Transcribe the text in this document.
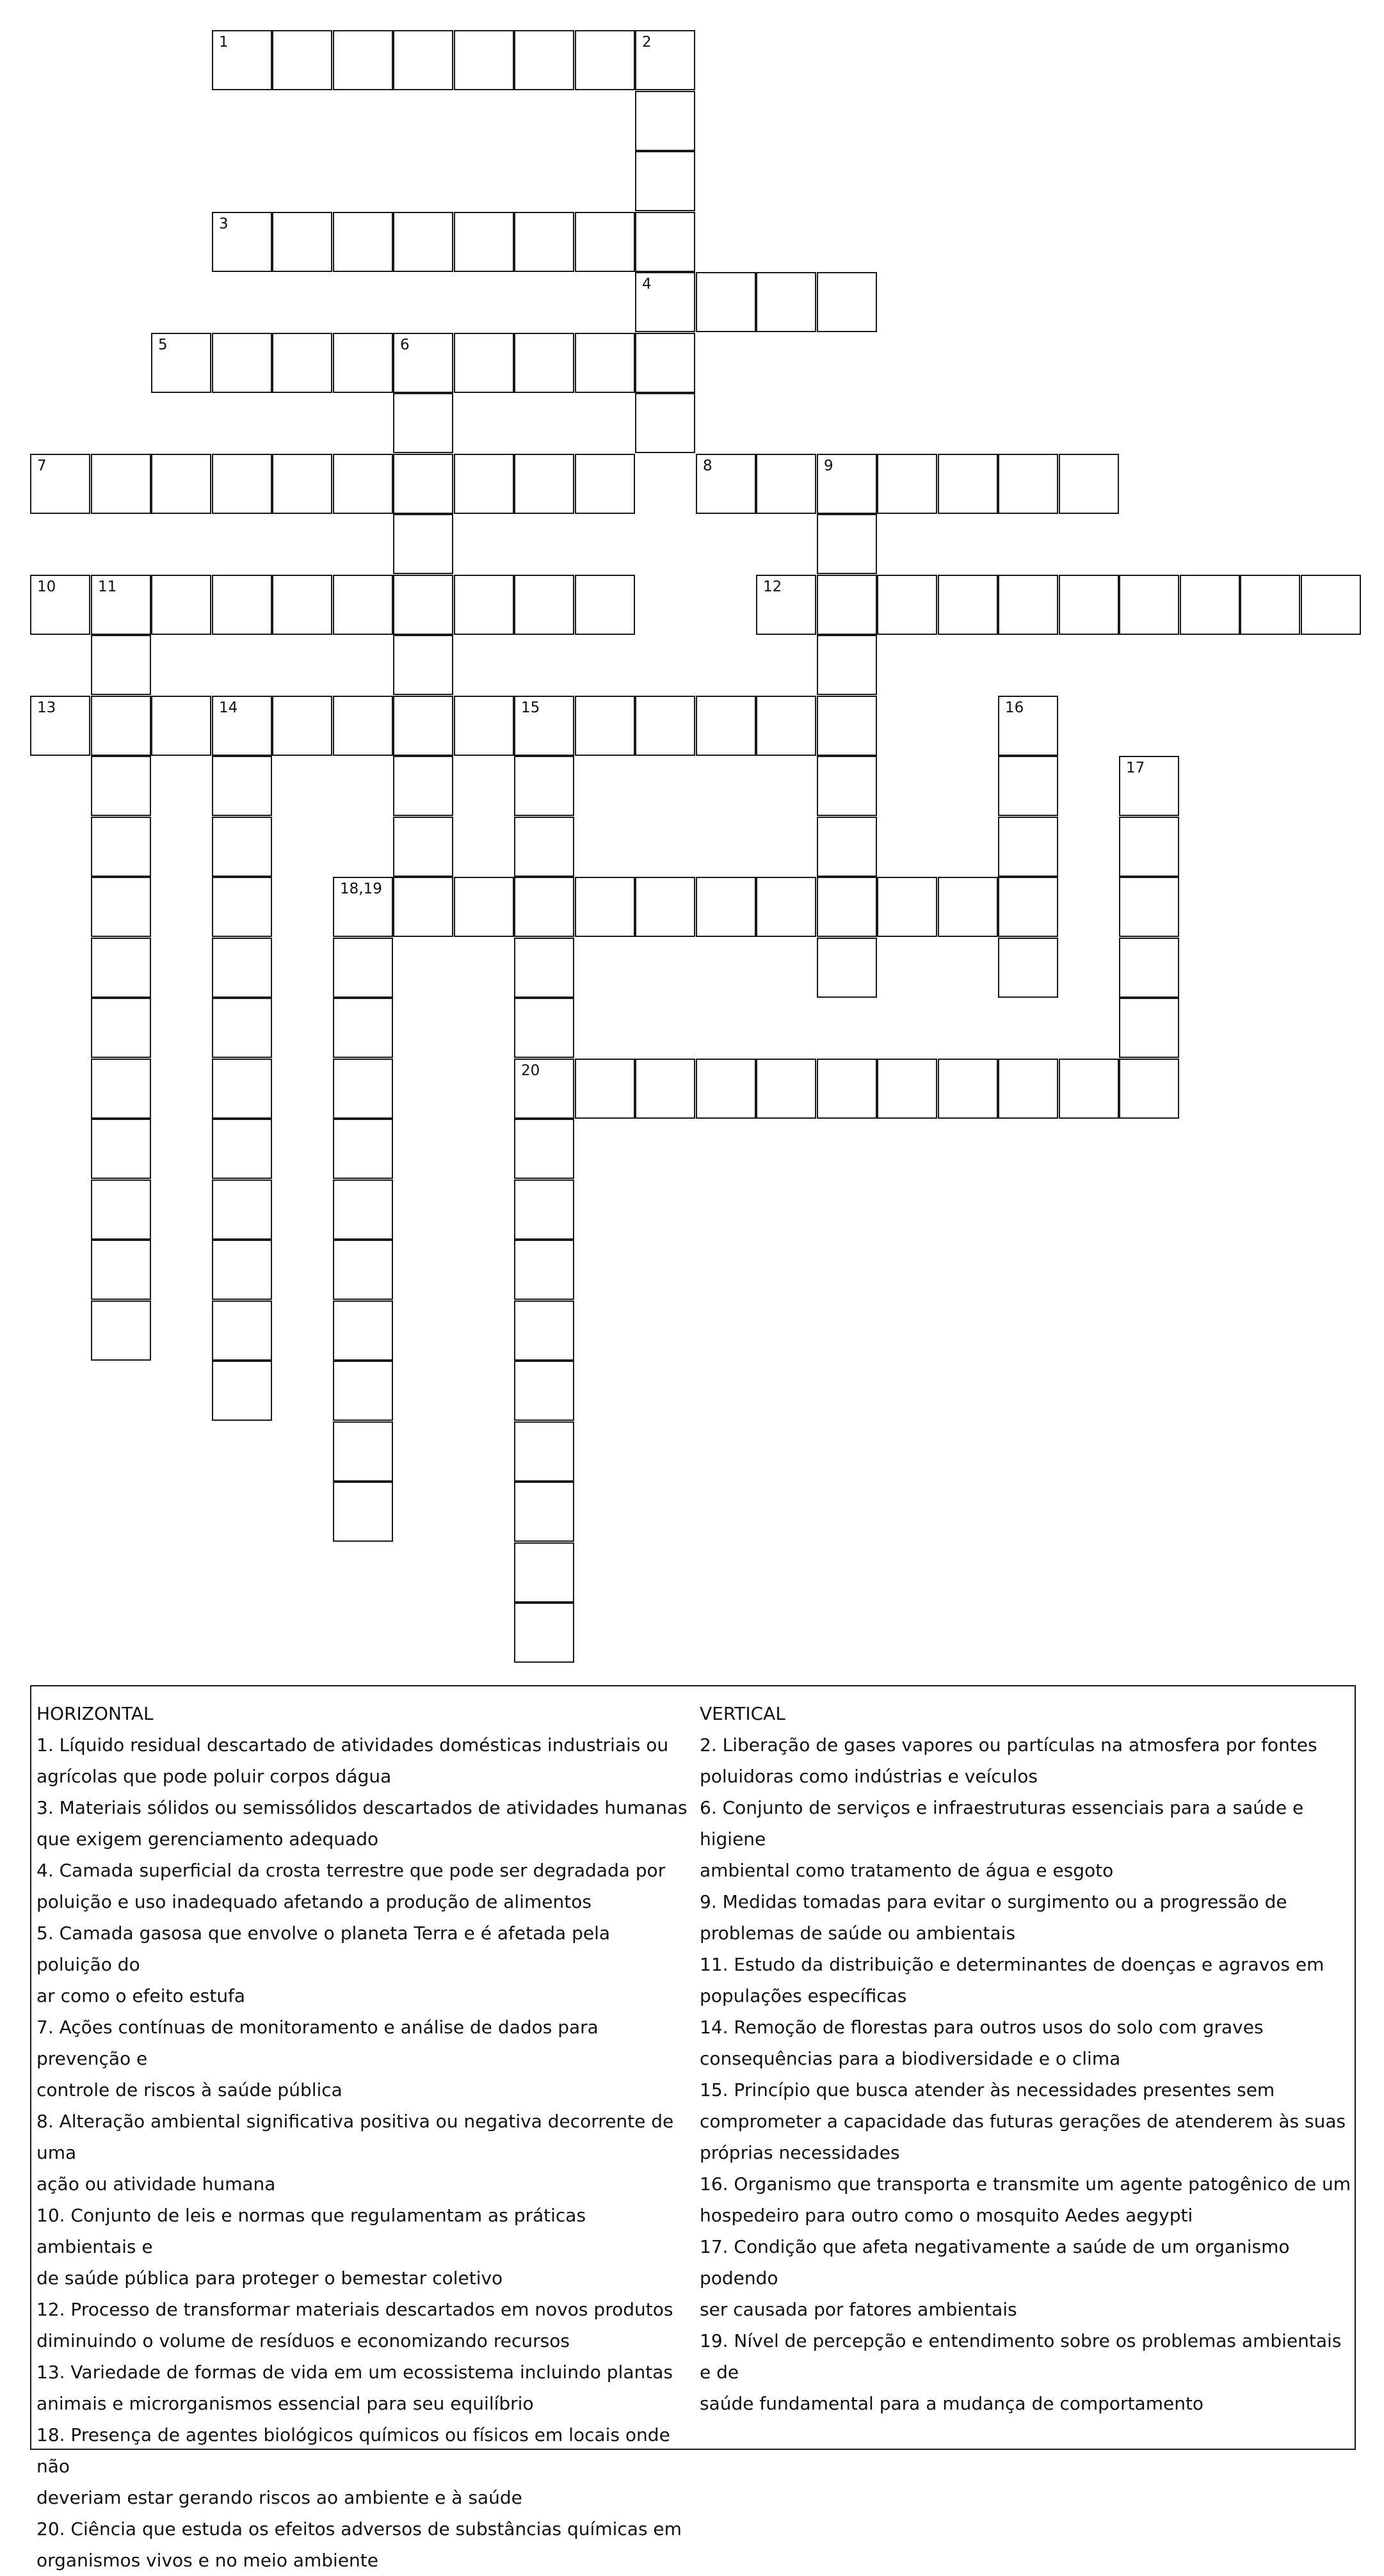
1	2
3
4
5	6
7	8	9
10	11	12
13	14	15	16
17
18,19
20
HORIZONTAL
1. Líquido residual descartado de atividades domésticas industriais ou
agrícolas que pode poluir corpos dágua
3. Materiais sólidos ou semissólidos descartados de atividades humanas
que exigem gerenciamento adequado
4. Camada superficial da crosta terrestre que pode ser degradada por
poluição e uso inadequado afetando a produção de alimentos
5. Camada gasosa que envolve o planeta Terra e é afetada pela poluição do
ar como o efeito estufa
7. Ações contínuas de monitoramento e análise de dados para prevenção e
controle de riscos à saúde pública
8. Alteração ambiental significativa positiva ou negativa decorrente de uma
ação ou atividade humana
10. Conjunto de leis e normas que regulamentam as práticas ambientais e
de saúde pública para proteger o bemestar coletivo
12. Processo de transformar materiais descartados em novos produtos
diminuindo o volume de resíduos e economizando recursos
13. Variedade de formas de vida em um ecossistema incluindo plantas
animais e microrganismos essencial para seu equilíbrio
18. Presença de agentes biológicos químicos ou físicos em locais onde não
deveriam estar gerando riscos ao ambiente e à saúde
20. Ciência que estuda os efeitos adversos de substâncias químicas em
organismos vivos e no meio ambiente
VERTICAL
2. Liberação de gases vapores ou partículas na atmosfera por fontes
poluidoras como indústrias e veículos
6. Conjunto de serviços e infraestruturas essenciais para a saúde e higiene
ambiental como tratamento de água e esgoto
9. Medidas tomadas para evitar o surgimento ou a progressão de
problemas de saúde ou ambientais
11. Estudo da distribuição e determinantes de doenças e agravos em
populações específicas
14. Remoção de florestas para outros usos do solo com graves
consequências para a biodiversidade e o clima
15. Princípio que busca atender às necessidades presentes sem
comprometer a capacidade das futuras gerações de atenderem às suas
próprias necessidades
16. Organismo que transporta e transmite um agente patogênico de um
hospedeiro para outro como o mosquito Aedes aegypti
17. Condição que afeta negativamente a saúde de um organismo podendo
ser causada por fatores ambientais
19. Nível de percepção e entendimento sobre os problemas ambientais e de
saúde fundamental para a mudança de comportamento
